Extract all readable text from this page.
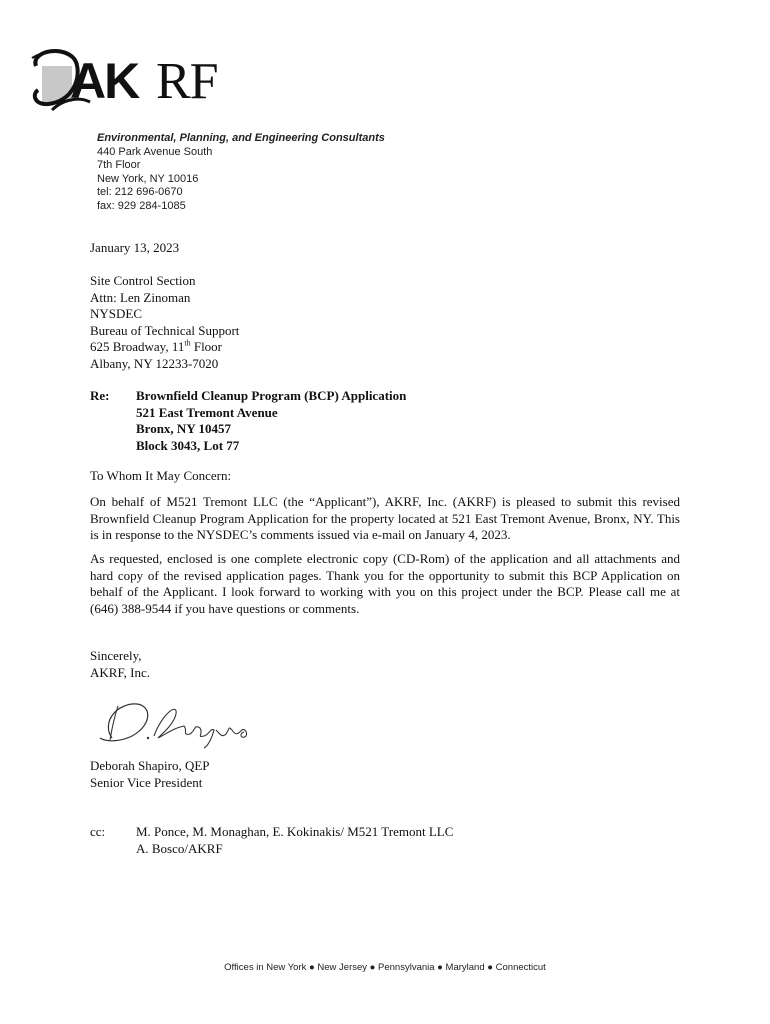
AK RF
Environmental, Planning, and Engineering Consultants
440 Park Avenue South
7th Floor
New York, NY 10016
tel: 212 696-0670
fax: 929 284-1085
January 13, 2023
Site Control Section
Attn: Len Zinoman
NYSDEC
Bureau of Technical Support
625 Broadway, 11th Floor
Albany, NY 12233-7020
Re: Brownfield Cleanup Program (BCP) Application
521 East Tremont Avenue
Bronx, NY 10457
Block 3043, Lot 77
To Whom It May Concern:
On behalf of M521 Tremont LLC (the “Applicant”), AKRF, Inc. (AKRF) is pleased to submit this revised Brownfield Cleanup Program Application for the property located at 521 East Tremont Avenue, Bronx, NY. This is in response to the NYSDEC’s comments issued via e-mail on January 4, 2023.
As requested, enclosed is one complete electronic copy (CD-Rom) of the application and all attachments and hard copy of the revised application pages. Thank you for the opportunity to submit this BCP Application on behalf of the Applicant. I look forward to working with you on this project under the BCP. Please call me at (646) 388-9544 if you have questions or comments.
Sincerely,
AKRF, Inc.
Deborah Shapiro, QEP
Senior Vice President
cc: M. Ponce, M. Monaghan, E. Kokinakis/ M521 Tremont LLC
A. Bosco/AKRF
Offices in New York ● New Jersey ● Pennsylvania ● Maryland ● Connecticut
